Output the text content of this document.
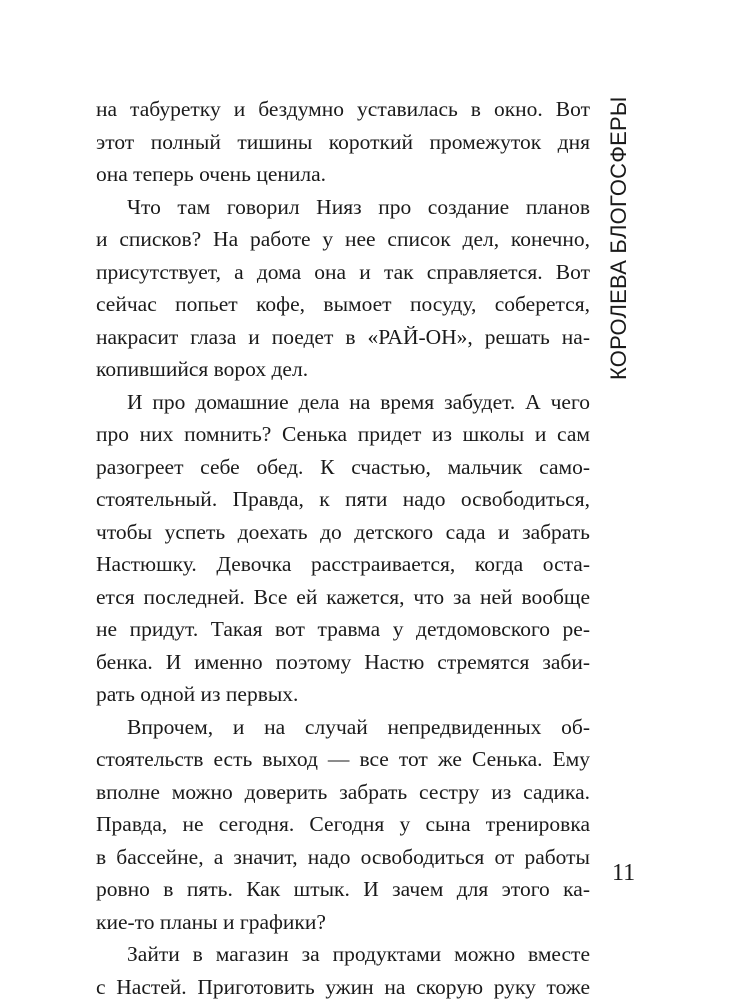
на табуретку и бездумно уставилась в окно. Вот
этот полный тишины короткий промежуток дня
она теперь очень ценила.
Что там говорил Нияз про создание планов
и списков? На работе у нее список дел, конечно,
присутствует, а дома она и так справляется. Вот
сейчас попьет кофе, вымоет посуду, соберется,
накрасит глаза и поедет в «РАЙ-ОН», решать на-
копившийся ворох дел.
И про домашние дела на время забудет. А чего
про них помнить? Сенька придет из школы и сам
разогреет себе обед. К счастью, мальчик само-
стоятельный. Правда, к пяти надо освободиться,
чтобы успеть доехать до детского сада и забрать
Настюшку. Девочка расстраивается, когда оста-
ется последней. Все ей кажется, что за ней вообще
не придут. Такая вот травма у детдомовского ре-
бенка. И именно поэтому Настю стремятся заби-
рать одной из первых.
Впрочем, и на случай непредвиденных об-
стоятельств есть выход — все тот же Сенька. Ему
вполне можно доверить забрать сестру из садика.
Правда, не сегодня. Сегодня у сына тренировка
в бассейне, а значит, надо освободиться от работы
ровно в пять. Как штык. И зачем для этого ка-
кие-то планы и графики?
Зайти в магазин за продуктами можно вместе
с Настей. Приготовить ужин на скорую руку тоже
КОРОЛЕВА БЛОГОСФЕРЫ
11
